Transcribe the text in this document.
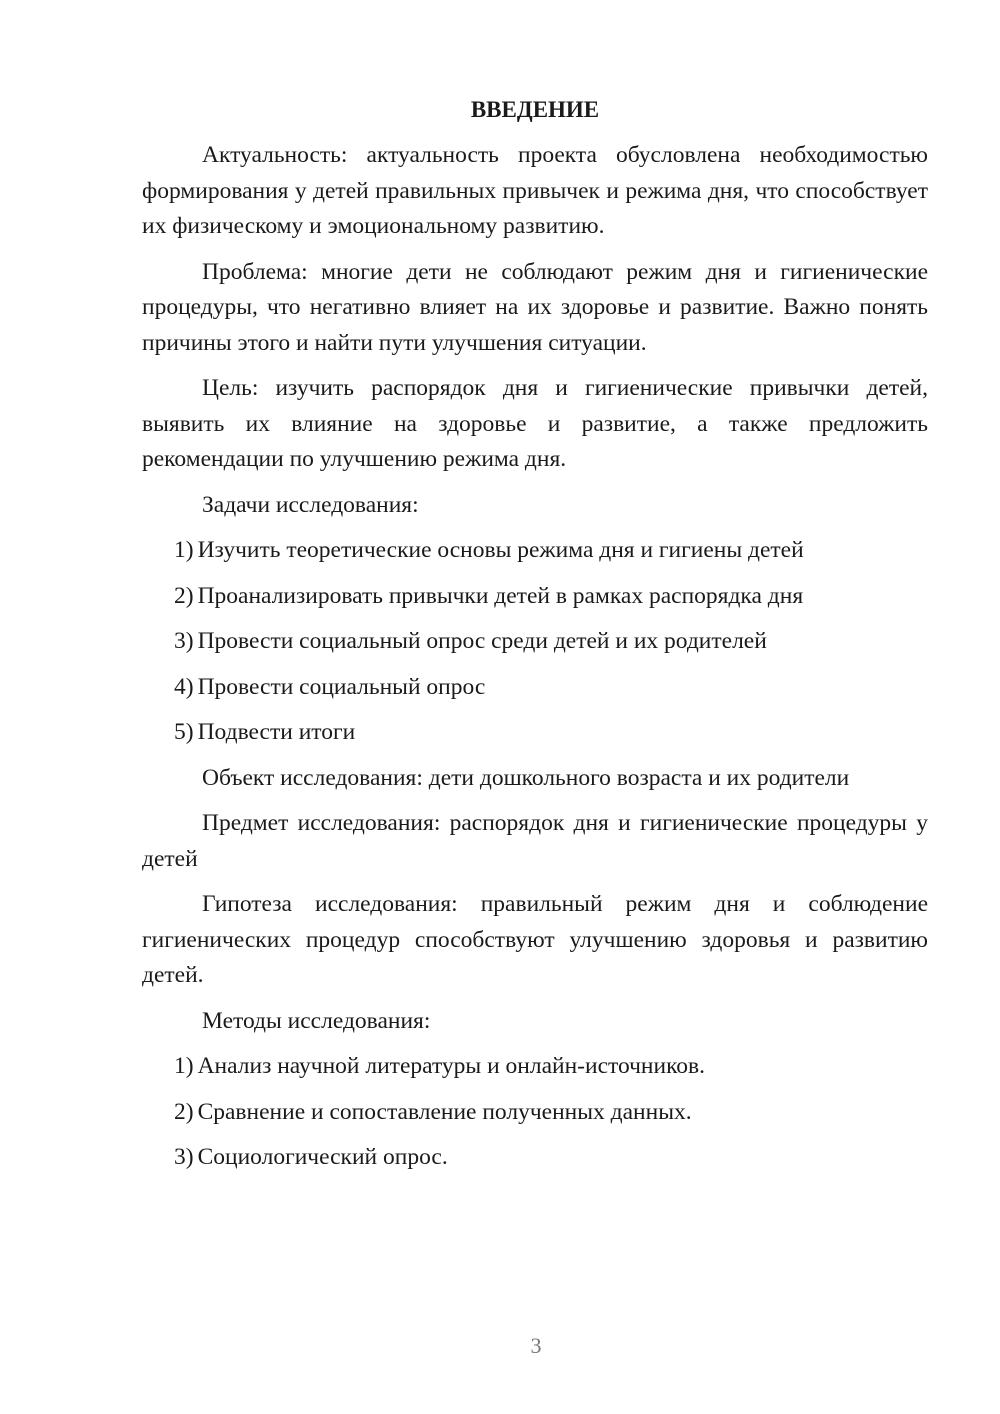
ВВЕДЕНИЕ

Актуальность: актуальность проекта обусловлена необходимостью формирования у детей правильных привычек и режима дня, что способствует их физическому и эмоциональному развитию.

Проблема: многие дети не соблюдают режим дня и гигиенические процедуры, что негативно влияет на их здоровье и развитие. Важно понять причины этого и найти пути улучшения ситуации.

Цель: изучить распорядок дня и гигиенические привычки детей, выявить их влияние на здоровье и развитие, а также предложить рекомендации по улучшению режима дня.

Задачи исследования:

1) Изучить теоретические основы режима дня и гигиены детей
2) Проанализировать привычки детей в рамках распорядка дня
3) Провести социальный опрос среди детей и их родителей
4) Провести социальный опрос
5) Подвести итоги

Объект исследования: дети дошкольного возраста и их родители

Предмет исследования: распорядок дня и гигиенические процедуры у детей

Гипотеза исследования: правильный режим дня и соблюдение гигиенических процедур способствуют улучшению здоровья и развитию детей.

Методы исследования:

1) Анализ научной литературы и онлайн-источников.
2) Сравнение и сопоставление полученных данных.
3) Социологический опрос.
3
